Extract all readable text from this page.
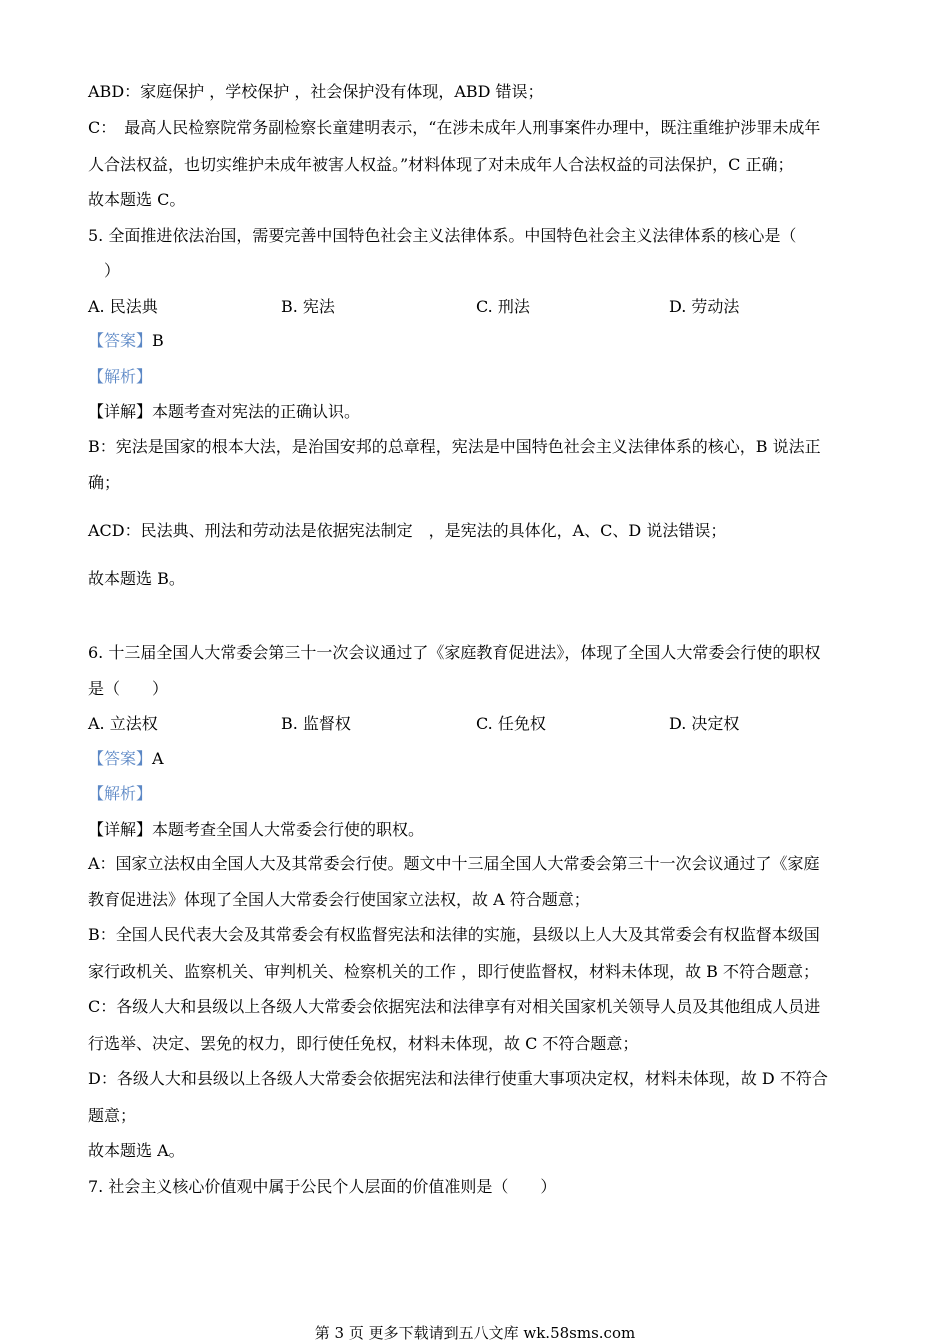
ABD：家庭保护 ，学校保护 ，社会保护没有体现，ABD 错误；
C：　最高人民检察院常务副检察长童建明表示，“在涉未成年人刑事案件办理中，既注重维护涉罪未成年
人合法权益，也切实维护未成年被害人权益。”材料体现了对未成年人合法权益的司法保护，C 正确；
故本题选 C。
5. 全面推进依法治国，需要完善中国特色社会主义法律体系。中国特色社会主义法律体系的核心是（
）
A. 民法典	B. 宪法	C. 刑法	D. 劳动法
【答案】B
【解析】
【详解】本题考查对宪法的正确认识。
B：宪法是国家的根本大法，是治国安邦的总章程，宪法是中国特色社会主义法律体系的核心，B 说法正
确；
ACD：民法典、刑法和劳动法是依据宪法制定　，是宪法的具体化，A、C、D 说法错误；
故本题选 B。
6. 十三届全国人大常委会第三十一次会议通过了《家庭教育促进法》，体现了全国人大常委会行使的职权
是（　　）
A. 立法权	B. 监督权	C. 任免权	D. 决定权
【答案】A
【解析】
【详解】本题考查全国人大常委会行使的职权。
A：国家立法权由全国人大及其常委会行使。题文中十三届全国人大常委会第三十一次会议通过了《家庭
教育促进法》体现了全国人大常委会行使国家立法权，故 A 符合题意；
B：全国人民代表大会及其常委会有权监督宪法和法律的实施，县级以上人大及其常委会有权监督本级国
家行政机关、监察机关、审判机关、检察机关的工作 ，即行使监督权，材料未体现，故 B 不符合题意；
C：各级人大和县级以上各级人大常委会依据宪法和法律享有对相关国家机关领导人员及其他组成人员进
行选举、决定、罢免的权力，即行使任免权，材料未体现，故 C 不符合题意；
D：各级人大和县级以上各级人大常委会依据宪法和法律行使重大事项决定权，材料未体现，故 D 不符合
题意；
故本题选 A。
7. 社会主义核心价值观中属于公民个人层面的价值准则是（　　）
第 3 页 更多下载请到五八文库 wk.58sms.com
